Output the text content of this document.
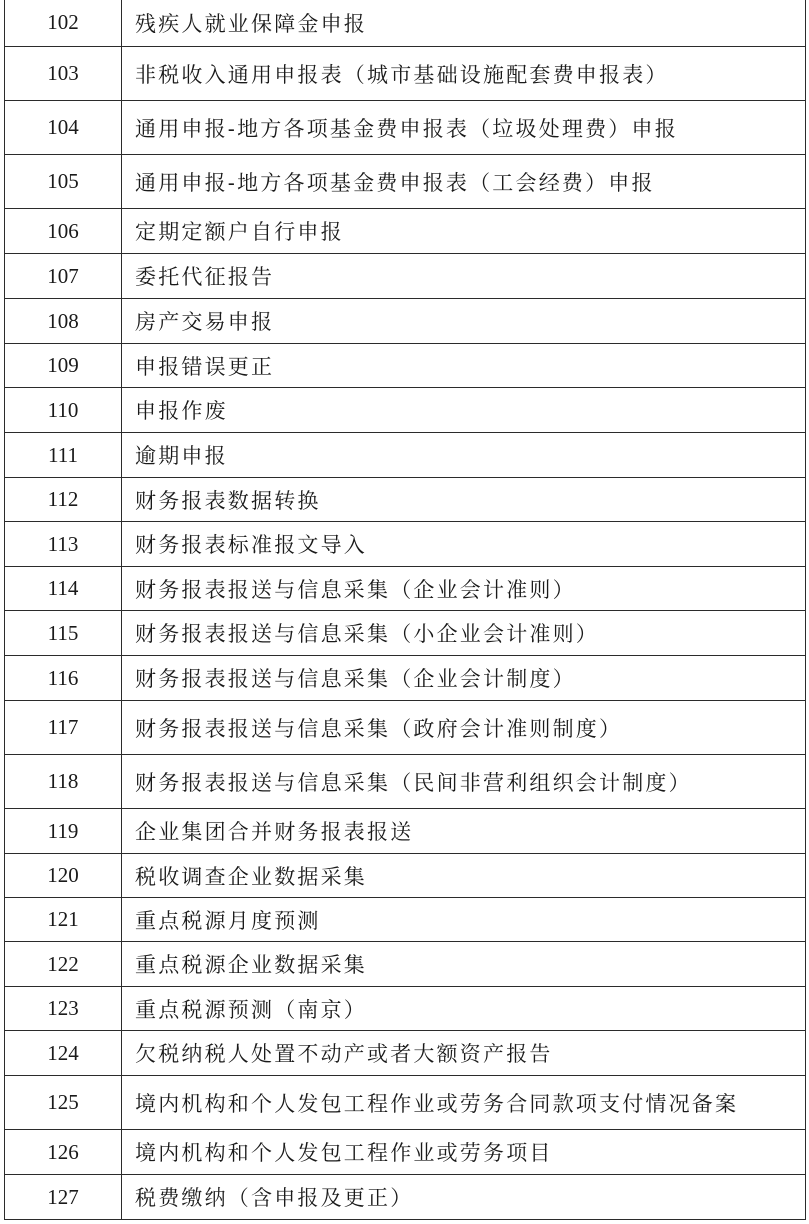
102	残疾人就业保障金申报
103	非税收入通用申报表（城市基础设施配套费申报表）
104	通用申报-地方各项基金费申报表（垃圾处理费）申报
105	通用申报-地方各项基金费申报表（工会经费）申报
106	定期定额户自行申报
107	委托代征报告
108	房产交易申报
109	申报错误更正
110	申报作废
111	逾期申报
112	财务报表数据转换
113	财务报表标准报文导入
114	财务报表报送与信息采集（企业会计准则）
115	财务报表报送与信息采集（小企业会计准则）
116	财务报表报送与信息采集（企业会计制度）
117	财务报表报送与信息采集（政府会计准则制度）
118	财务报表报送与信息采集（民间非营利组织会计制度）
119	企业集团合并财务报表报送
120	税收调查企业数据采集
121	重点税源月度预测
122	重点税源企业数据采集
123	重点税源预测（南京）
124	欠税纳税人处置不动产或者大额资产报告
125	境内机构和个人发包工程作业或劳务合同款项支付情况备案
126	境内机构和个人发包工程作业或劳务项目
127	税费缴纳（含申报及更正）
